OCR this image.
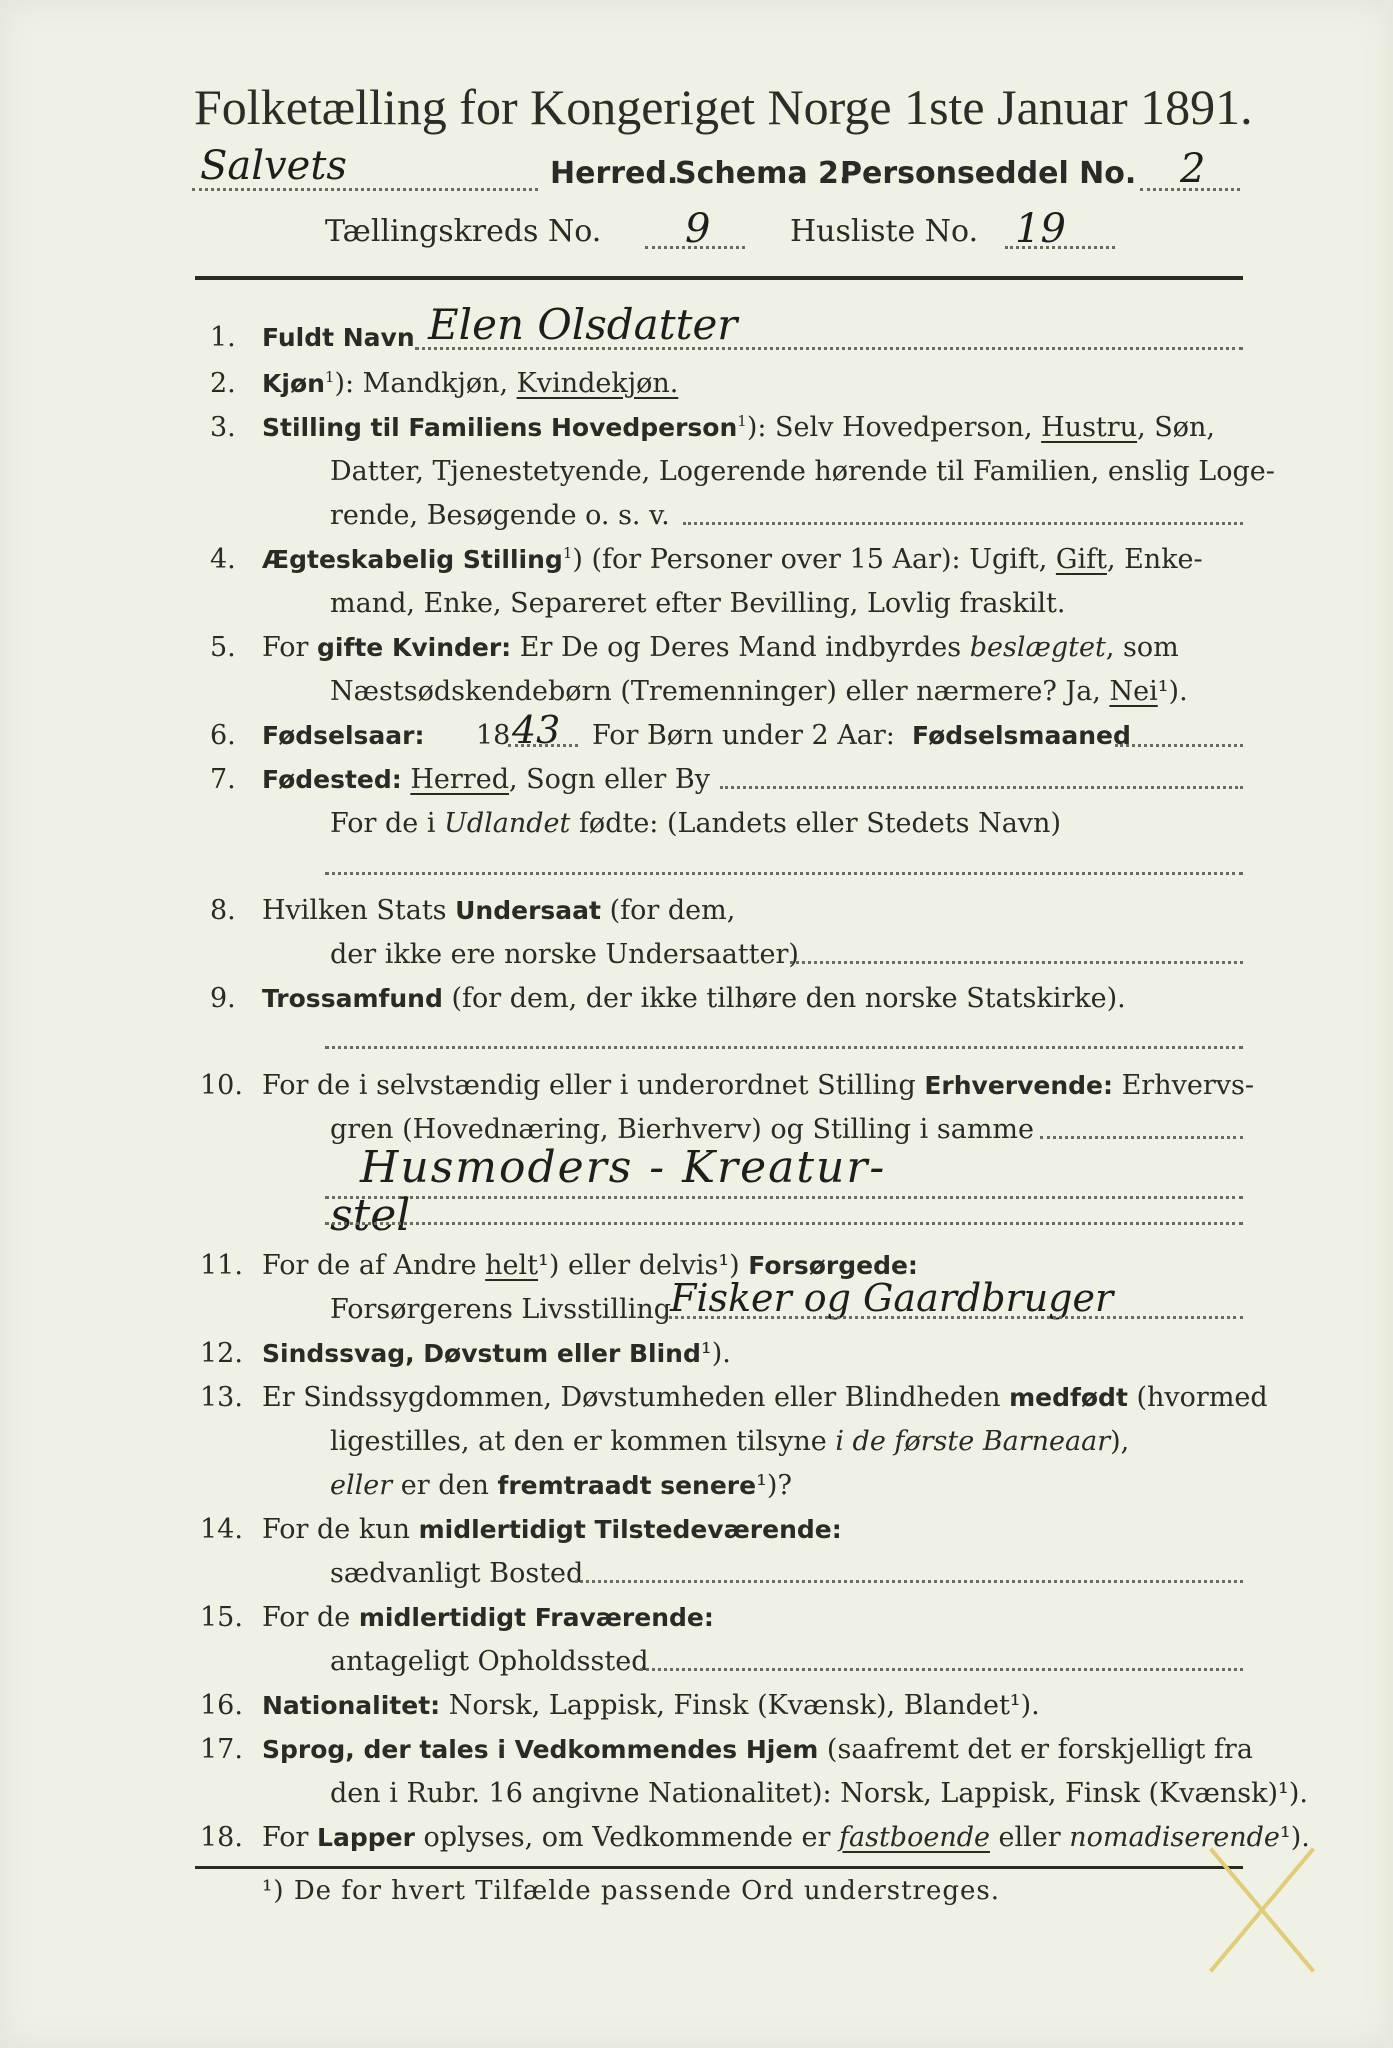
Folketælling for Kongeriget Norge 1ste Januar 1891.
Salvets	Herred.
Schema 2.
Personseddel No. 2
Tællingskreds No. 9	Husliste No. 19
1. Fuldt Navn Elen Olsdatter
2. Kjøn$^1$): Mandkjøn, Kvindekjøn.
3. Stilling til Familiens Hovedperson$^1$): Selv Hovedperson, Hustru, Søn,
Datter, Tjenestetyende, Logerende hørende til Familien, enslig Loge-
rende, Besøgende o. s. v.
4. Ægteskabelig Stilling$^1$) (for Personer over 15 Aar): Ugift, Gift, Enke-
mand, Enke, Separeret efter Bevilling, Lovlig fraskilt.
5. For gifte Kvinder: Er De og Deres Mand indbyrdes beslægtet, som
Næstsødskendebørn (Tremenninger) eller nærmere? Ja, Nei¹).
6. Fødselsaar: 18 43 For Børn under 2 Aar: Fødselsmaaned
7. Fødested: Herred, Sogn eller By
For de i Udlandet fødte: (Landets eller Stedets Navn)
8. Hvilken Stats Undersaat (for dem,
der ikke ere norske Undersaatter)
9. Trossamfund (for dem, der ikke tilhøre den norske Statskirke).
10. For de i selvstændig eller i underordnet Stilling Erhvervende: Erhvervs-
gren (Hovednæring, Bierhverv) og Stilling i samme
Husmoders - Kreatur-
stel
11. For de af Andre helt¹) eller delvis¹) Forsørgede:
Forsørgerens Livsstilling
Fisker og Gaardbruger
12. Sindssvag, Døvstum eller Blind¹).
13. Er Sindssygdommen, Døvstumheden eller Blindheden medfødt (hvormed
ligestilles, at den er kommen tilsyne i de første Barneaar),
eller er den fremtraadt senere¹)?
14. For de kun midlertidigt Tilstedeværende:
sædvanligt Bosted
15. For de midlertidigt Fraværende:
antageligt Opholdssted
16. Nationalitet: Norsk, Lappisk, Finsk (Kvænsk), Blandet¹).
17. Sprog, der tales i Vedkommendes Hjem (saafremt det er forskjelligt fra
den i Rubr. 16 angivne Nationalitet): Norsk, Lappisk, Finsk (Kvænsk)¹).
18. For Lapper oplyses, om Vedkommende er fastboende eller nomadiserende¹).
¹) De for hvert Tilfælde passende Ord understreges.
